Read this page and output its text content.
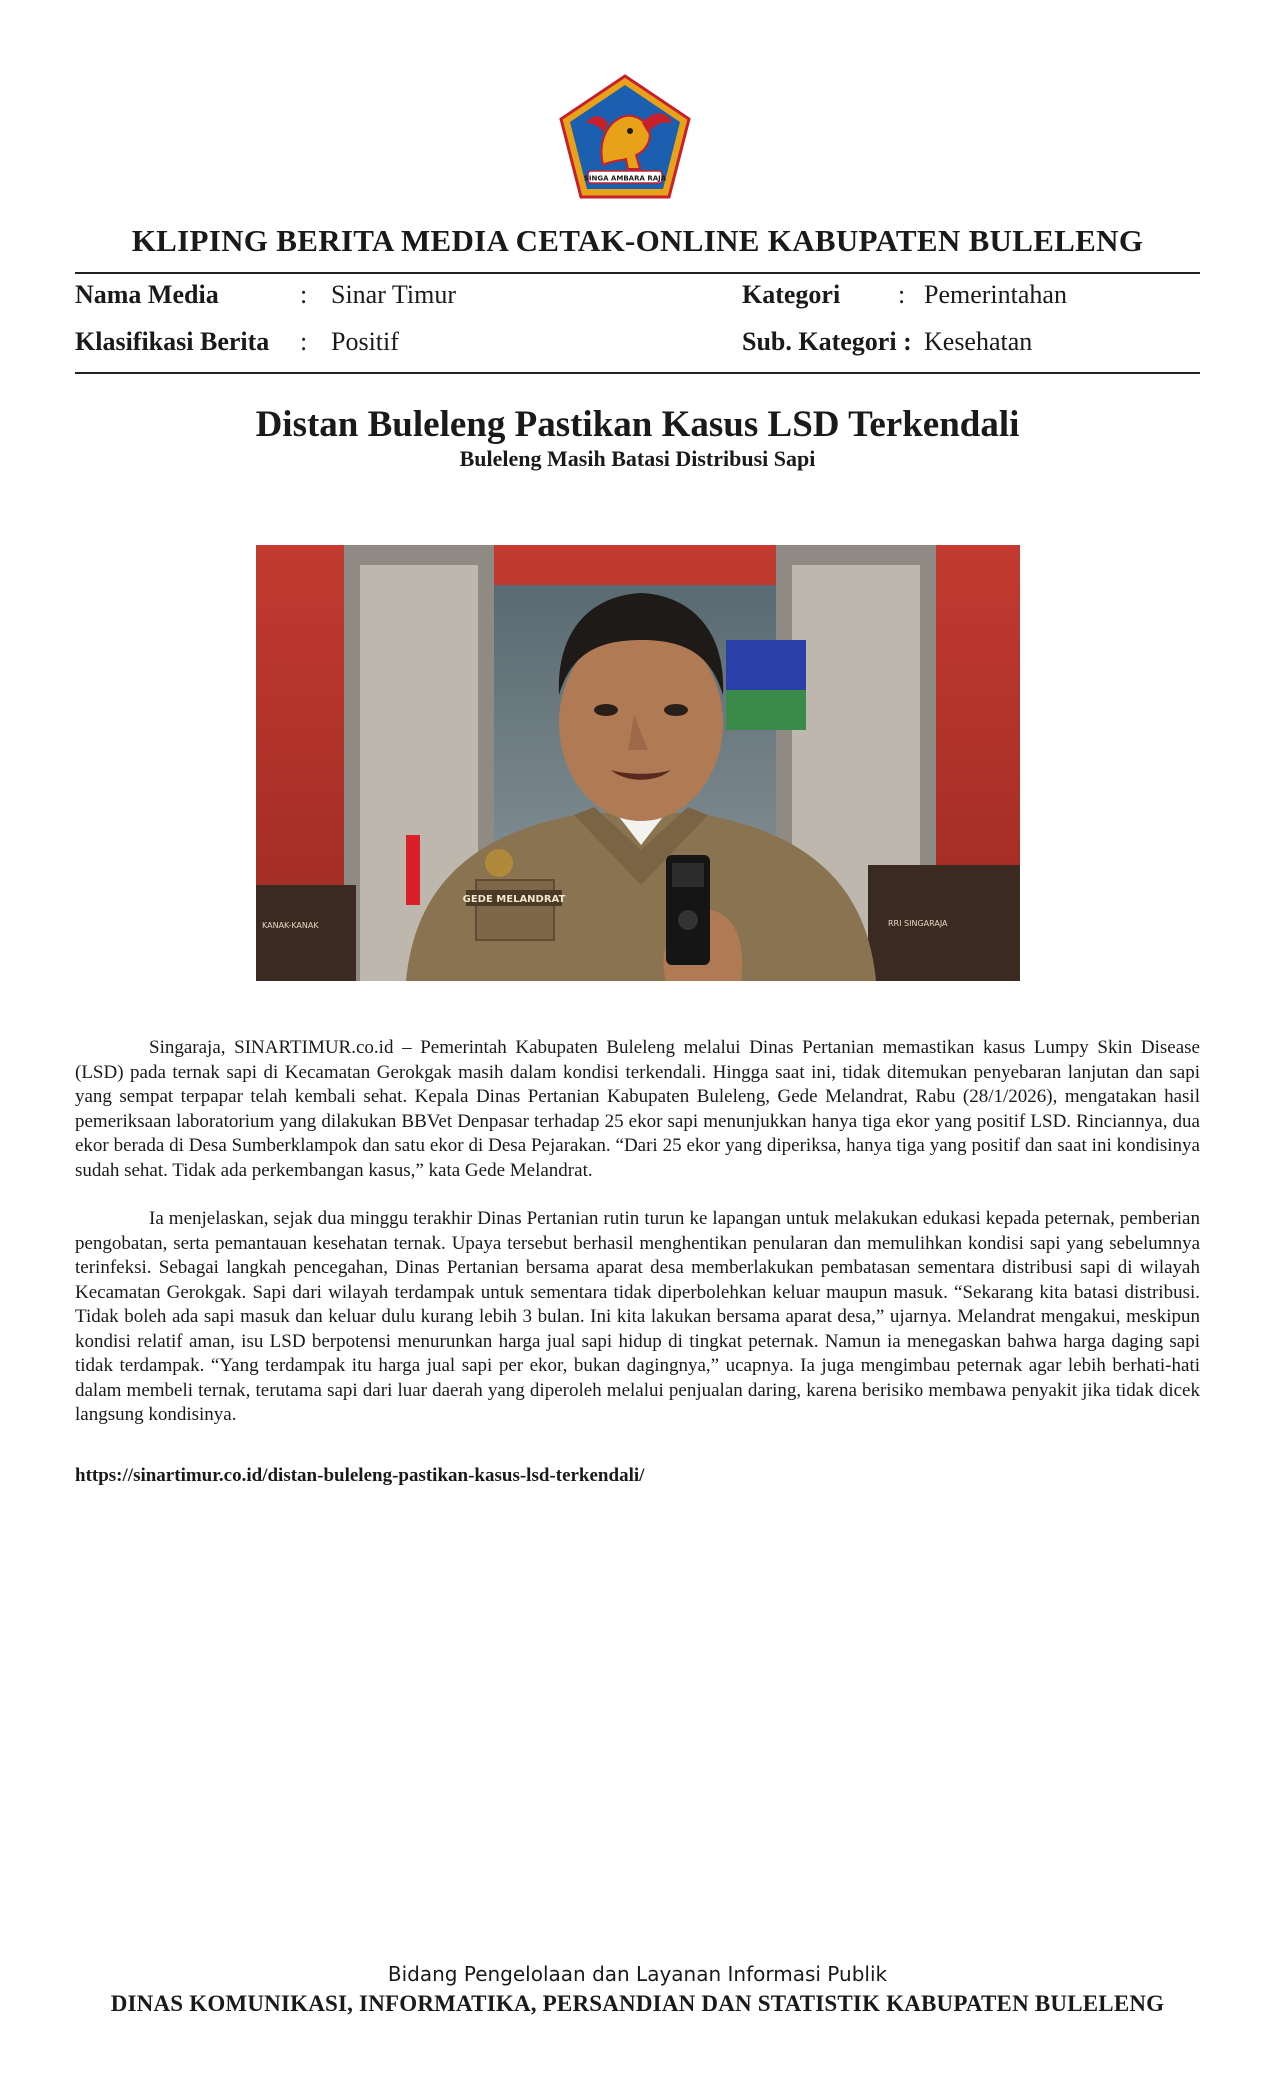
SINGA AMBARA RAJA
KLIPING BERITA MEDIA CETAK-ONLINE KABUPATEN BULELENG
Nama Media	: Sinar Timur	Kategori : Pemerintahan
Klasifikasi Berita : Positif	Sub. Kategori : Kesehatan
Distan Buleleng Pastikan Kasus LSD Terkendali
Buleleng Masih Batasi Distribusi Sapi
KANAK-KANAK	RRI SINGARAJA
GEDE MELANDRAT

Singaraja, SINARTIMUR.co.id – Pemerintah Kabupaten Buleleng melalui Dinas Pertanian memastikan kasus Lumpy Skin Disease (LSD) pada ternak sapi di Kecamatan Gerokgak masih dalam kondisi terkendali. Hingga saat ini, tidak ditemukan penyebaran lanjutan dan sapi yang sempat terpapar telah kembali sehat. Kepala Dinas Pertanian Kabupaten Buleleng, Gede Melandrat, Rabu (28/1/2026), mengatakan hasil pemeriksaan laboratorium yang dilakukan BBVet Denpasar terhadap 25 ekor sapi menunjukkan hanya tiga ekor yang positif LSD. Rinciannya, dua ekor berada di Desa Sumberklampok dan satu ekor di Desa Pejarakan. “Dari 25 ekor yang diperiksa, hanya tiga yang positif dan saat ini kondisinya sudah sehat. Tidak ada perkembangan kasus,” kata Gede Melandrat.

Ia menjelaskan, sejak dua minggu terakhir Dinas Pertanian rutin turun ke lapangan untuk melakukan edukasi kepada peternak, pemberian pengobatan, serta pemantauan kesehatan ternak. Upaya tersebut berhasil menghentikan penularan dan memulihkan kondisi sapi yang sebelumnya terinfeksi. Sebagai langkah pencegahan, Dinas Pertanian bersama aparat desa memberlakukan pembatasan sementara distribusi sapi di wilayah Kecamatan Gerokgak. Sapi dari wilayah terdampak untuk sementara tidak diperbolehkan keluar maupun masuk. “Sekarang kita batasi distribusi. Tidak boleh ada sapi masuk dan keluar dulu kurang lebih 3 bulan. Ini kita lakukan bersama aparat desa,” ujarnya. Melandrat mengakui, meskipun kondisi relatif aman, isu LSD berpotensi menurunkan harga jual sapi hidup di tingkat peternak. Namun ia menegaskan bahwa harga daging sapi tidak terdampak. “Yang terdampak itu harga jual sapi per ekor, bukan dagingnya,” ucapnya. Ia juga mengimbau peternak agar lebih berhati-hati dalam membeli ternak, terutama sapi dari luar daerah yang diperoleh melalui penjualan daring, karena berisiko membawa penyakit jika tidak dicek langsung kondisinya.

https://sinartimur.co.id/distan-buleleng-pastikan-kasus-lsd-terkendali/
Bidang Pengelolaan dan Layanan Informasi Publik
DINAS KOMUNIKASI, INFORMATIKA, PERSANDIAN DAN STATISTIK KABUPATEN BULELENG
